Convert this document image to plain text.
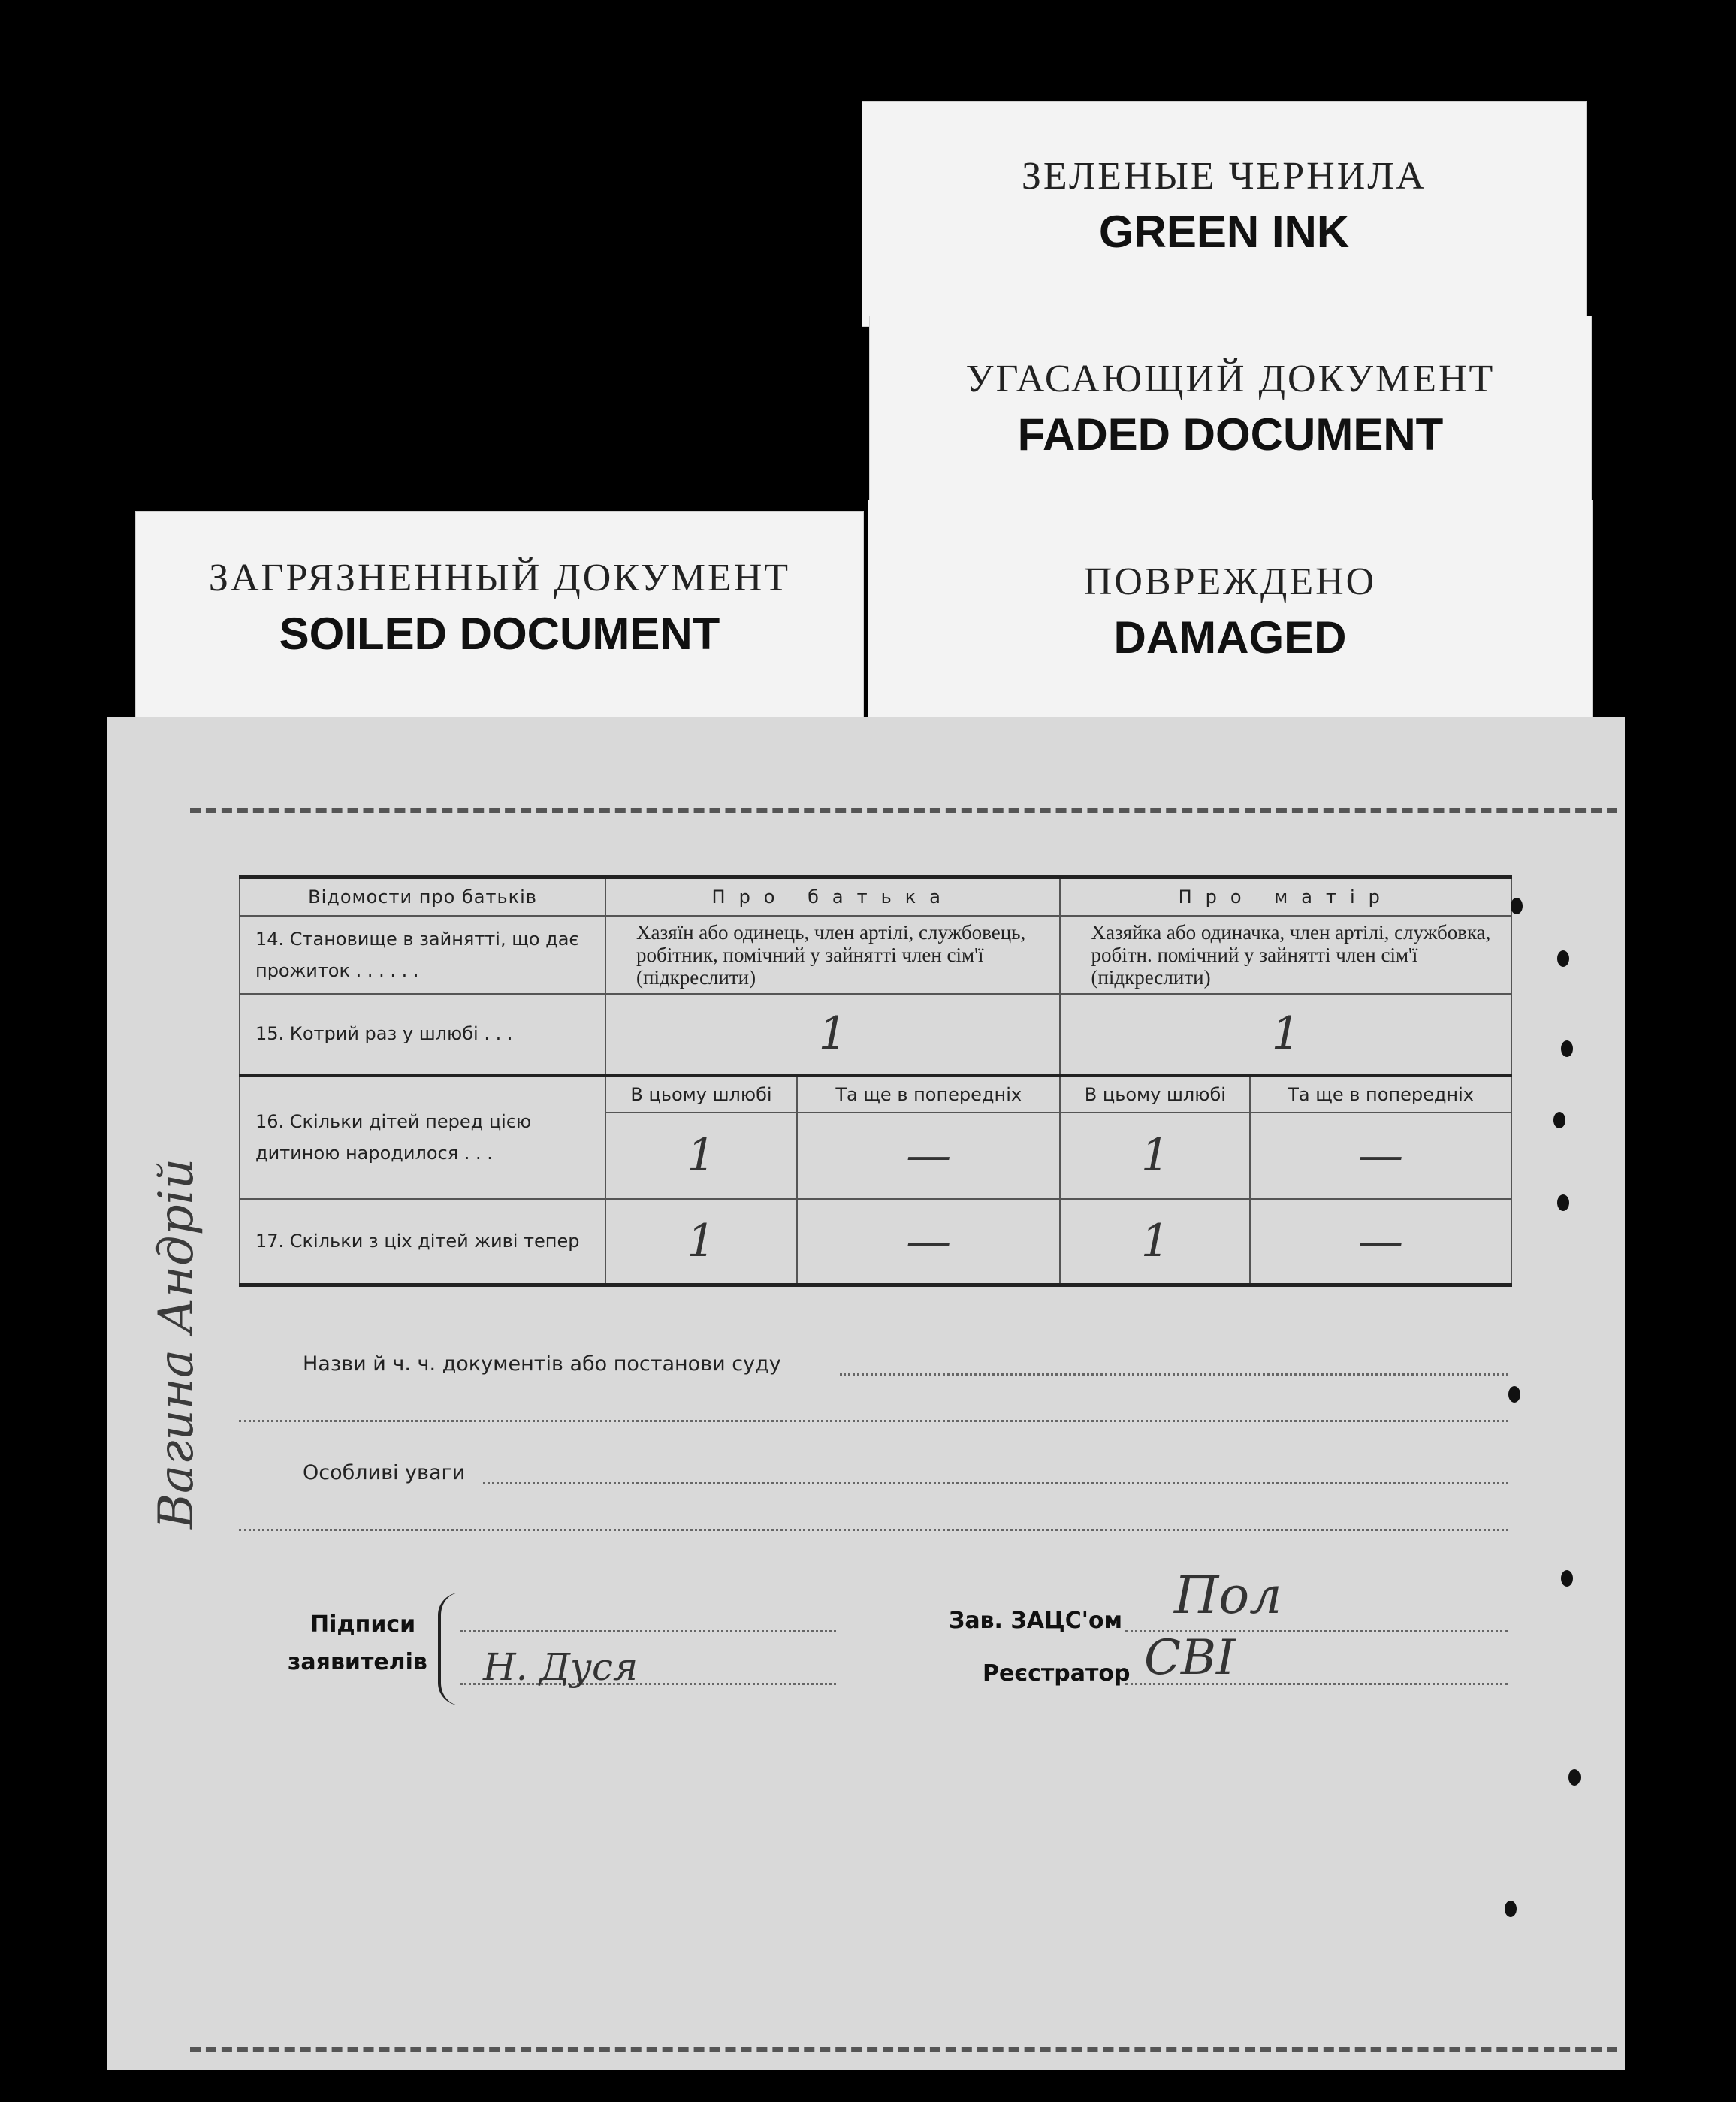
ЗЕЛЕНЫЕ ЧЕРНИЛА
GREEN INK
УГАСАЮЩИЙ ДОКУМЕНТ
FADED DOCUMENT
ЗАГРЯЗНЕННЫЙ ДОКУМЕНТ
SOILED DOCUMENT
ПОВРЕЖДЕНО
DAMAGED
Вагина Андрій
Відомости про батьків	Про батька		Про матір	
14. Становище в зайнятті, що дає прожиток . . . . . .	Хазяїн або одинець, член артілі, службовець, робітник, помічний у зайнятті член сім'ї (підкреслити)		Хазяйка або одиначка, член артілі, службовка, робітн. помічний у зайнятті член сім'ї (підкреслити)	
15. Котрий раз у шлюбі . . .	1		1	
16. Скільки дітей перед цією дитиною народилося . . .	В цьому шлюбі	Та ще в попередніх	В цьому шлюбі	Та ще в попередніх
	1	—	1	—
17. Скільки з ціх дітей живі тепер	1	—	1	—
Назви й ч. ч. документів або постанови суду
Особливі уваги
Підписи
заявителів Н. Дуся
Зав. ЗАЦС'ом Пол
Реєстратор СВІ
